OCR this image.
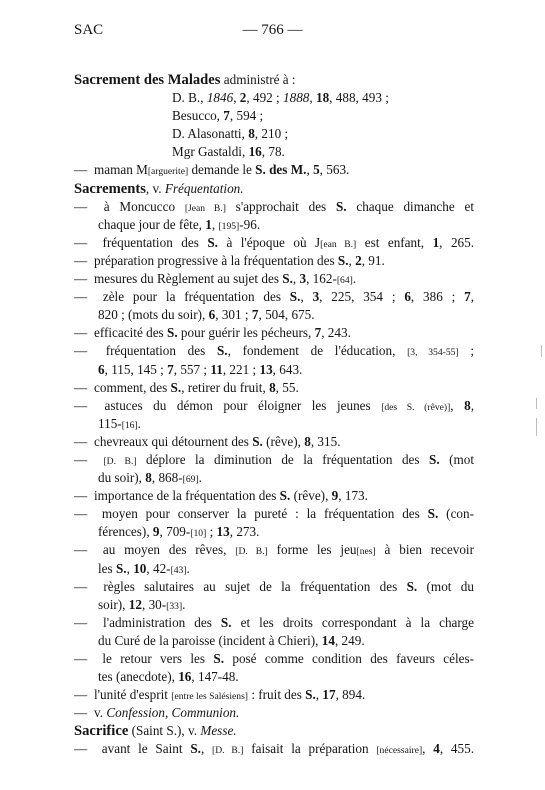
SAC	— 766 —
Sacrement des Malades administré à :
D. B., 1846, 2, 492 ; 1888, 18, 488, 493 ;
Besucco, 7, 594 ;
D. Alasonatti, 8, 210 ;
Mgr Gastaldi, 16, 78.
— maman M[arguerite] demande le S. des M., 5, 563.
Sacrements, v. Fréquentation.
— à Moncucco [Jean B.] s'approchait des S. chaque dimanche et
chaque jour de fête, 1, [195]-96.
— fréquentation des S. à l'époque où J[ean B.] est enfant, 1, 265.
— préparation progressive à la fréquentation des S., 2, 91.
— mesures du Règlement au sujet des S., 3, 162-[64].
— zèle pour la fréquentation des S., 3, 225, 354 ; 6, 386 ; 7,
820 ; (mots du soir), 6, 301 ; 7, 504, 675.
— efficacité des S. pour guérir les pécheurs, 7, 243.
— fréquentation des S., fondement de l'éducation, [3, 354-55] ;
6, 115, 145 ; 7, 557 ; 11, 221 ; 13, 643.
— comment, des S., retirer du fruit, 8, 55.
— astuces du démon pour éloigner les jeunes [des S. (rêve)], 8,
115-[16].
— chevreaux qui détournent des S. (rêve), 8, 315.
— [D. B.] déplore la diminution de la fréquentation des S. (mot
du soir), 8, 868-[69].
— importance de la fréquentation des S. (rêve), 9, 173.
— moyen pour conserver la pureté : la fréquentation des S. (con-
férences), 9, 709-[10] ; 13, 273.
— au moyen des rêves, [D. B.] forme les jeu[nes] à bien recevoir
les S., 10, 42-[43].
— règles salutaires au sujet de la fréquentation des S. (mot du
soir), 12, 30-[33].
— l'administration des S. et les droits correspondant à la charge
du Curé de la paroisse (incident à Chieri), 14, 249.
— le retour vers les S. posé comme condition des faveurs céles-
tes (anecdote), 16, 147-48.
— l'unité d'esprit [entre les Salésiens] : fruit des S., 17, 894.
— v. Confession, Communion.
Sacrifice (Saint S.), v. Messe.
— avant le Saint S., [D. B.] faisait la préparation [nécessaire], 4, 455.
